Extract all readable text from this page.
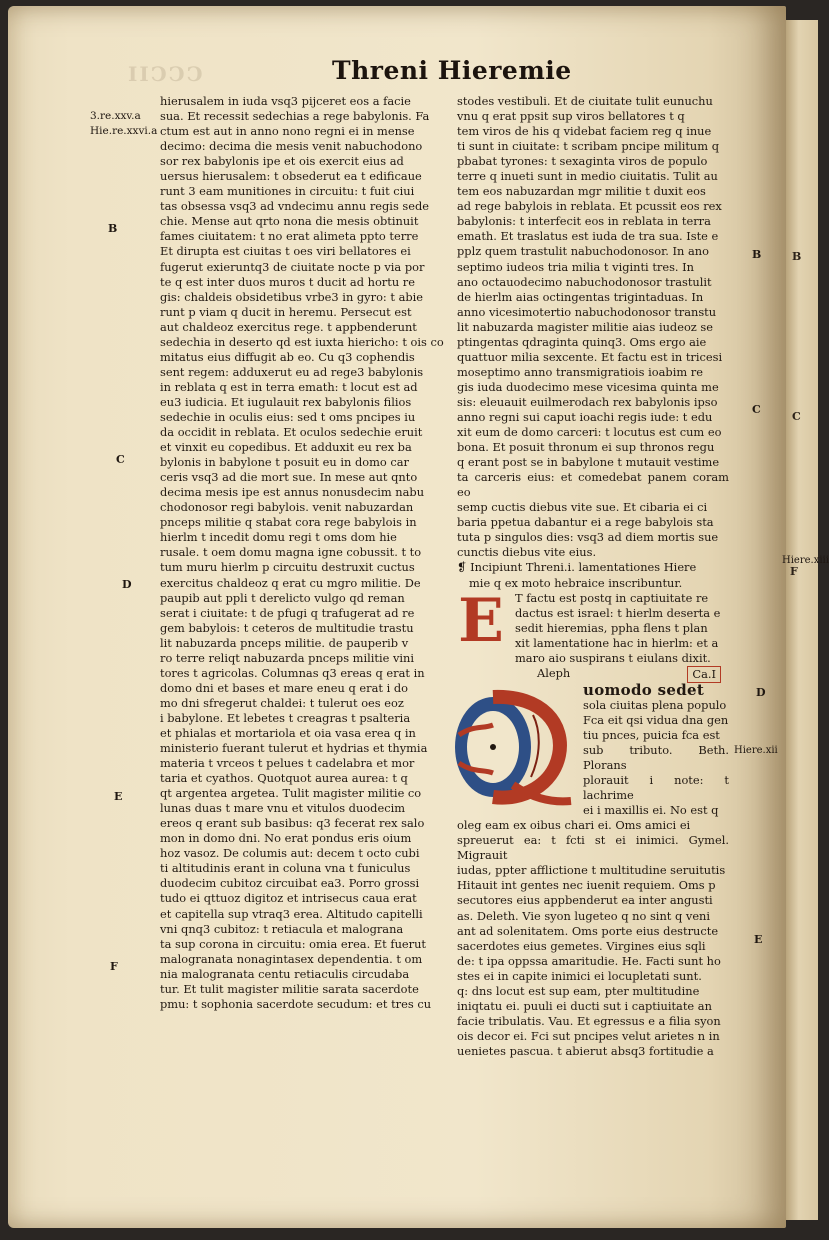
B
C
F
CCCII	Threni Hieremie
3.re.xxv.a
Hie.re.xxvi.a
B
C
D
E
F
B
C
D
E
Hiere.xiii
Hiere.xii
hierusalem in iuda vsq3 pijceret eos a facie
sua. Et recessit sedechias a rege babylonis. Fa
ctum est aut in anno nono regni ei in mense
decimo: decima die mesis venit nabuchodono
sor rex babylonis ipe et ois exercit eius ad
uersus hierusalem: t obsederut ea t edificaue
runt 3 eam munitiones in circuitu: t fuit ciui
tas obsessa vsq3 ad vndecimu annu regis sede
chie. Mense aut qrto nona die mesis obtinuit
fames ciuitatem: t no erat alimeta ppto terre
Et dirupta est ciuitas t oes viri bellatores ei
fugerut exieruntq3 de ciuitate nocte p via por
te q est inter duos muros t ducit ad hortu re
gis: chaldeis obsidetibus vrbe3 in gyro: t abie
runt p viam q ducit in heremu. Persecut est
aut chaldeoz exercitus rege. t appbenderunt
sedechia in deserto qd est iuxta hiericho: t ois co
mitatus eius diffugit ab eo. Cu q3 cophendis
sent regem: adduxerut eu ad rege3 babylonis
in reblata q est in terra emath: t locut est ad
eu3 iudicia. Et iugulauit rex babylonis filios
sedechie in oculis eius: sed t oms pncipes iu
da occidit in reblata. Et oculos sedechie eruit
et vinxit eu copedibus. Et adduxit eu rex ba
bylonis in babylone t posuit eu in domo car
ceris vsq3 ad die mort sue. In mese aut qnto
decima mesis ipe est annus nonusdecim nabu
chodonosor regi babylois. venit nabuzardan
pnceps militie q stabat cora rege babylois in
hierlm t incedit domu regi t oms dom hie
rusale. t oem domu magna igne cobussit. t to
tum muru hierlm p circuitu destruxit cuctus
exercitus chaldeoz q erat cu mgro militie. De
paupib aut ppli t derelicto vulgo qd reman
serat i ciuitate: t de pfugi q trafugerat ad re
gem babylois: t ceteros de multitudie trastu
lit nabuzarda pnceps militie. de pauperib v
ro terre reliqt nabuzarda pnceps militie vini
tores t agricolas. Columnas q3 ereas q erat in
domo dni et bases et mare eneu q erat i do
mo dni sfregerut chaldei: t tulerut oes eoz
i babylone. Et lebetes t creagras t psalteria
et phialas et mortariola et oia vasa erea q in
ministerio fuerant tulerut et hydrias et thymia
materia t vrceos t pelues t cadelabra et mor
taria et cyathos. Quotquot aurea aurea: t q
qt argentea argetea. Tulit magister militie co
lunas duas t mare vnu et vitulos duodecim
ereos q erant sub basibus: q3 fecerat rex salo
mon in domo dni. No erat pondus eris oium
hoz vasoz. De columis aut: decem t octo cubi
ti altitudinis erant in coluna vna t funiculus
duodecim cubitoz circuibat ea3. Porro grossi
tudo ei qttuoz digitoz et intrisecus caua erat
et capitella sup vtraq3 erea. Altitudo capitelli
vni qnq3 cubitoz: t retiacula et malograna
ta sup corona in circuitu: omia erea. Et fuerut
malogranata nonagintasex dependentia. t om
nia malogranata centu retiaculis circudaba
tur. Et tulit magister militie sarata sacerdote
pmu: t sophonia sacerdote secudum: et tres cu
stodes vestibuli. Et de ciuitate tulit eunuchu
vnu q erat ppsit sup viros bellatores t q
tem viros de his q videbat faciem reg q inue
ti sunt in ciuitate: t scribam pncipe militum q
pbabat tyrones: t sexaginta viros de populo
terre q inueti sunt in medio ciuitatis. Tulit au
tem eos nabuzardan mgr militie t duxit eos
ad rege babylois in reblata. Et pcussit eos rex
babylonis: t interfecit eos in reblata in terra
emath. Et traslatus est iuda de tra sua. Iste e
pplz quem trastulit nabuchodonosor. In ano
septimo iudeos tria milia t viginti tres. In
ano octauodecimo nabuchodonosor trastulit
de hierlm aias octingentas trigintaduas. In
anno vicesimotertio nabuchodonosor transtu
lit nabuzarda magister militie aias iudeoz se
ptingentas qdraginta quinq3. Oms ergo aie
quattuor milia sexcente. Et factu est in tricesi
moseptimo anno transmigratiois ioabim re
gis iuda duodecimo mese vicesima quinta me
sis: eleuauit euilmerodach rex babylonis ipso
anno regni sui caput ioachi regis iude: t edu
xit eum de domo carceri: t locutus est cum eo
bona. Et posuit thronum ei sup thronos regu
q erant post se in babylone t mutauit vestime
ta carceris eius: et comedebat panem coram eo
semp cuctis diebus vite sue. Et cibaria ei ci
baria ppetua dabantur ei a rege babylois sta
tuta p singulos dies: vsq3 ad diem mortis sue
cunctis diebus vite eius.

❡ Incipiunt Threni.i. lamentationes Hiere

mie q ex moto hebraice inscribuntur.

E T factu est postq in captiuitate re
dactus est israel: t hierlm deserta e
sedit hieremias, ppha flens t plan
xit lamentatione hac in hierlm: et a

maro aio suspirans t eiulans dixit.

Aleph	Ca.I
uomodo sedet
sola ciuitas plena populo
Fca eit qsi vidua dna gen
tiu pnces, puicia fca est
sub tributo. Beth. Plorans
plorauit i note: t lachrime
ei i maxillis ei. No est q
oleg eam ex oibus chari ei. Oms amici ei
spreuerut ea: t fcti st ei inimici. Gymel. Migrauit
iudas, ppter afflictione t multitudine seruitutis
Hitauit int gentes nec iuenit requiem. Oms p
secutores eius appbenderut ea inter angusti
as. Deleth. Vie syon lugeteo q no sint q veni
ant ad solenitatem. Oms porte eius destructe
sacerdotes eius gemetes. Virgines eius sqli
de: t ipa oppssa amaritudie. He. Facti sunt ho
stes ei in capite inimici ei locupletati sunt.
q: dns locut est sup eam, pter multitudine
iniqtatu ei. puuli ei ducti sut i captiuitate an
facie tribulatis. Vau. Et egressus e a filia syon
ois decor ei. Fci sut pncipes velut arietes n in
uenietes pascua. t abierut absq3 fortitudie a
